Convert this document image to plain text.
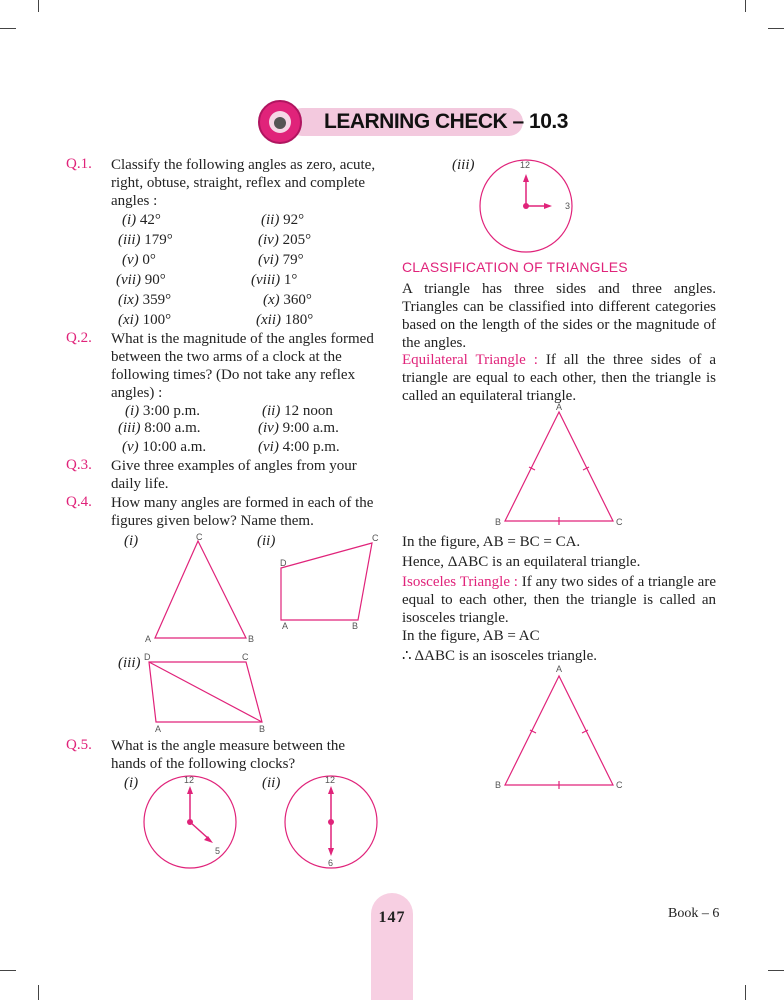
LEARNING CHECK – 10.3
Q.1. Classify the following angles as zero, acute, right, obtuse, straight, reflex and complete angles :
(i) 42°	(ii) 92°
(iii) 179°	(iv) 205°
(v) 0°	(vi) 79°
(vii) 90°	(viii) 1°
(ix) 359°	(x) 360°
(xi) 100°	(xii) 180°
Q.2. What is the magnitude of the angles formed between the two arms of a clock at the following times? (Do not take any reflex angles) :
(i) 3:00 p.m.	(ii) 12 noon
(iii) 8:00 a.m.	(iv) 9:00 a.m.
(v) 10:00 a.m.	(vi) 4:00 p.m.
Q.3. Give three examples of angles from your daily life.
Q.4. How many angles are formed in each of the figures given below? Name them.
(i)	C
A	B
(ii)	C
D
A	B
(iii) D	C
A	B
Q.5. What is the angle measure between the hands of the following clocks?
(i)	12
5
(ii)	12
6
(iii)	12
3
CLASSIFICATION OF TRIANGLES
A triangle has three sides and three angles. Triangles can be classified into different categories based on the length of the sides or the magnitude of the angles.
Equilateral Triangle : If all the three sides of a triangle are equal to each other, then the triangle is called an equilateral triangle.
A
B	C
In the figure, AB = BC = CA.
Hence, ΔABC is an equilateral triangle.
Isosceles Triangle : If any two sides of a triangle are equal to each other, then the triangle is called an isosceles triangle.
In the figure, AB = AC
∴ ΔABC is an isosceles triangle.
A
B	C
147	Book – 6
